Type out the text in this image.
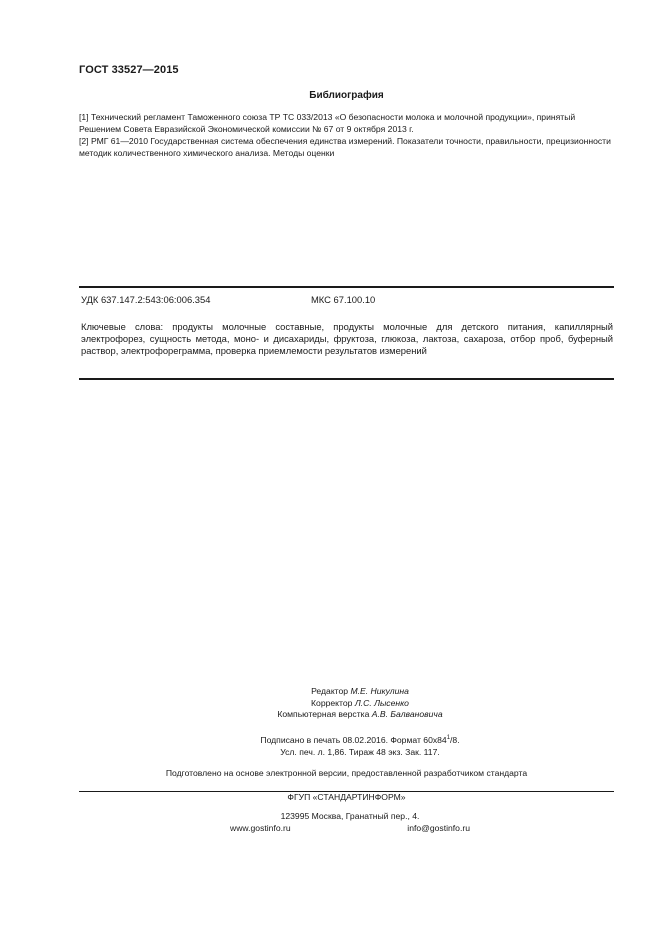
ГОСТ 33527—2015
Библиография

[1] Технический регламент Таможенного союза ТР ТС 033/2013 «О безопасности молока и молочной продукции», принятый Решением Совета Евразийской Экономической комиссии № 67 от 9 октября 2013 г.

[2] РМГ 61—2010 Государственная система обеспечения единства измерений. Показатели точности, правильности, прецизионности методик количественного химического анализа. Методы оценки

УДК 637.147.2:543:06:006.354	МКС 67.100.10
Ключевые слова: продукты молочные составные, продукты молочные для детского питания, капиллярный электрофорез, сущность метода, моно- и дисахариды, фруктоза, глюкоза, лактоза, сахароза, отбор проб, буферный раствор, электрофореграмма, проверка приемлемости результатов измерений
Редактор М.Е. Никулина
Корректор Л.С. Лысенко
Компьютерная верстка А.В. Балвановича
Подписано в печать 08.02.2016. Формат $60x84^1/8$.
Усл. печ. л. 1,86. Тираж 48 экз. Зак. 117.
Подготовлено на основе электронной версии, предоставленной разработчиком стандарта
ФГУП «СТАНДАРТИНФОРМ»
123995 Москва, Гранатный пер., 4.
www.gostinfo.ru	info@gostinfo.ru
